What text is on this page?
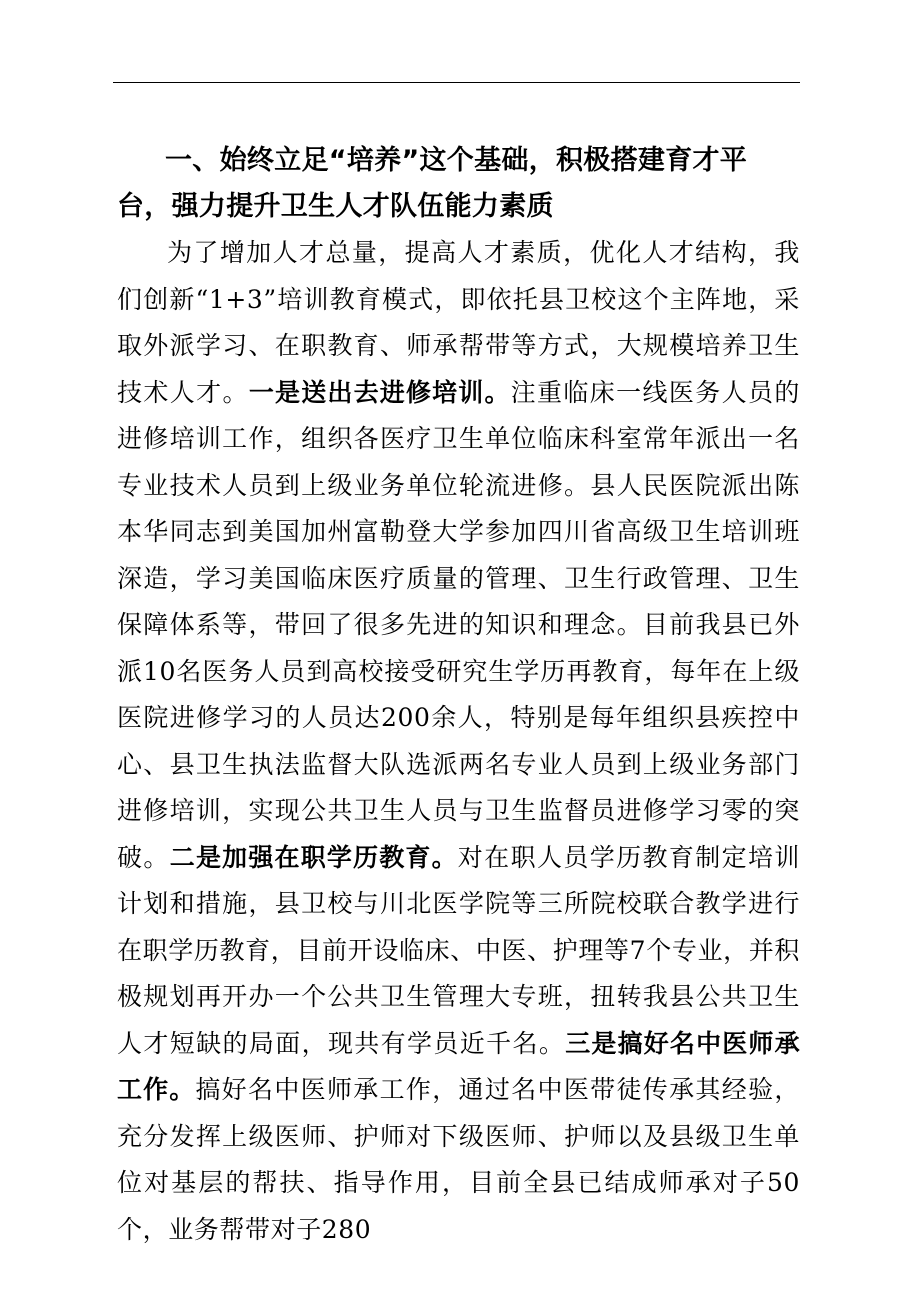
一、始终立足“培养”这个基础，积极搭建育才平台，强力提升卫生人才队伍能力素质

为了增加人才总量，提高人才素质，优化人才结构，我们创新“1+3”培训教育模式，即依托县卫校这个主阵地，采取外派学习、在职教育、师承帮带等方式，大规模培养卫生技术人才。一是送出去进修培训。注重临床一线医务人员的进修培训工作，组织各医疗卫生单位临床科室常年派出一名专业技术人员到上级业务单位轮流进修。县人民医院派出陈本华同志到美国加州富勒登大学参加四川省高级卫生培训班深造，学习美国临床医疗质量的管理、卫生行政管理、卫生保障体系等，带回了很多先进的知识和理念。目前我县已外派10名医务人员到高校接受研究生学历再教育，每年在上级医院进修学习的人员达200余人，特别是每年组织县疾控中心、县卫生执法监督大队选派两名专业人员到上级业务部门进修培训，实现公共卫生人员与卫生监督员进修学习零的突破。二是加强在职学历教育。对在职人员学历教育制定培训计划和措施，县卫校与川北医学院等三所院校联合教学进行在职学历教育，目前开设临床、中医、护理等7个专业，并积极规划再开办一个公共卫生管理大专班，扭转我县公共卫生人才短缺的局面，现共有学员近千名。三是搞好名中医师承工作。搞好名中医师承工作，通过名中医带徒传承其经验，充分发挥上级医师、护师对下级医师、护师以及县级卫生单位对基层的帮扶、指导作用，目前全县已结成师承对子50个，业务帮带对子280
